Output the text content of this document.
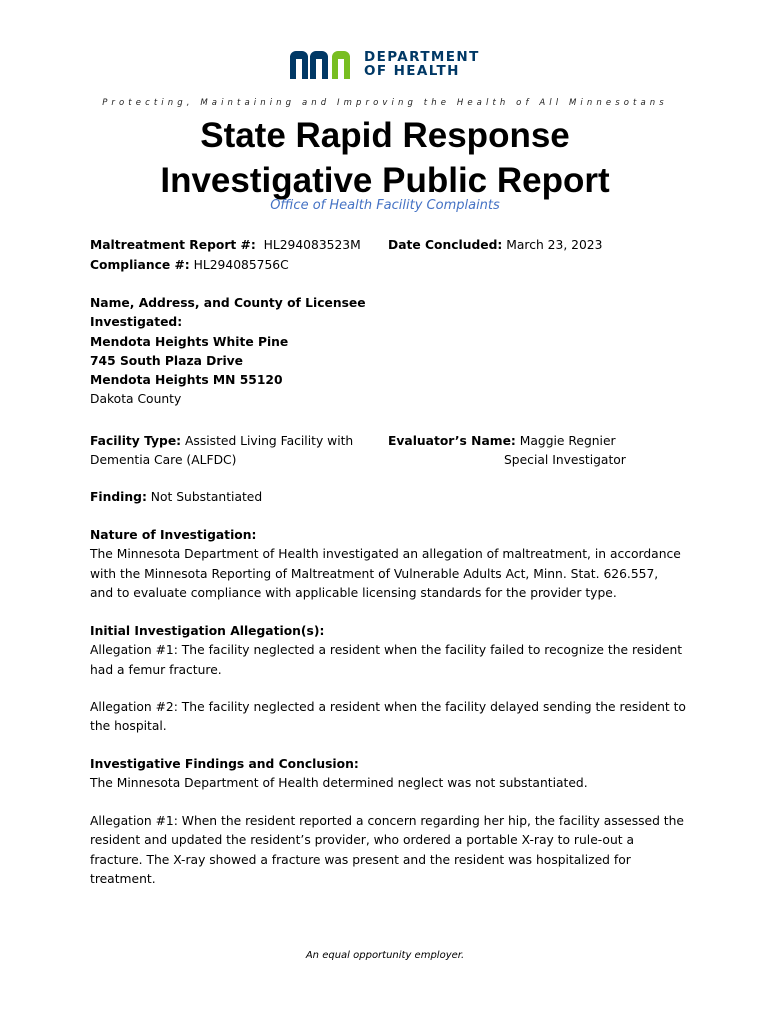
DEPARTMENT
OF HEALTH
Protecting, Maintaining and Improving the Health of All Minnesotans
State Rapid Response
Investigative Public Report
Office of Health Facility Complaints
Maltreatment Report #: HL294083523M Date Concluded: March 23, 2023
Compliance #: HL294085756C
Name, Address, and County of Licensee
Investigated:
Mendota Heights White Pine
745 South Plaza Drive
Mendota Heights MN 55120
Dakota County
Facility Type: Assisted Living Facility with
Dementia Care (ALFDC)
Evaluator’s Name: Maggie Regnier
Special Investigator
Finding: Not Substantiated
Nature of Investigation:
The Minnesota Department of Health investigated an allegation of maltreatment, in accordance
with the Minnesota Reporting of Maltreatment of Vulnerable Adults Act, Minn. Stat. 626.557,
and to evaluate compliance with applicable licensing standards for the provider type.
Initial Investigation Allegation(s):
Allegation #1: The facility neglected a resident when the facility failed to recognize the resident
had a femur fracture.
Allegation #2: The facility neglected a resident when the facility delayed sending the resident to
the hospital.
Investigative Findings and Conclusion:
The Minnesota Department of Health determined neglect was not substantiated.
Allegation #1: When the resident reported a concern regarding her hip, the facility assessed the
resident and updated the resident’s provider, who ordered a portable X-ray to rule-out a
fracture. The X-ray showed a fracture was present and the resident was hospitalized for
treatment.
An equal opportunity employer.
